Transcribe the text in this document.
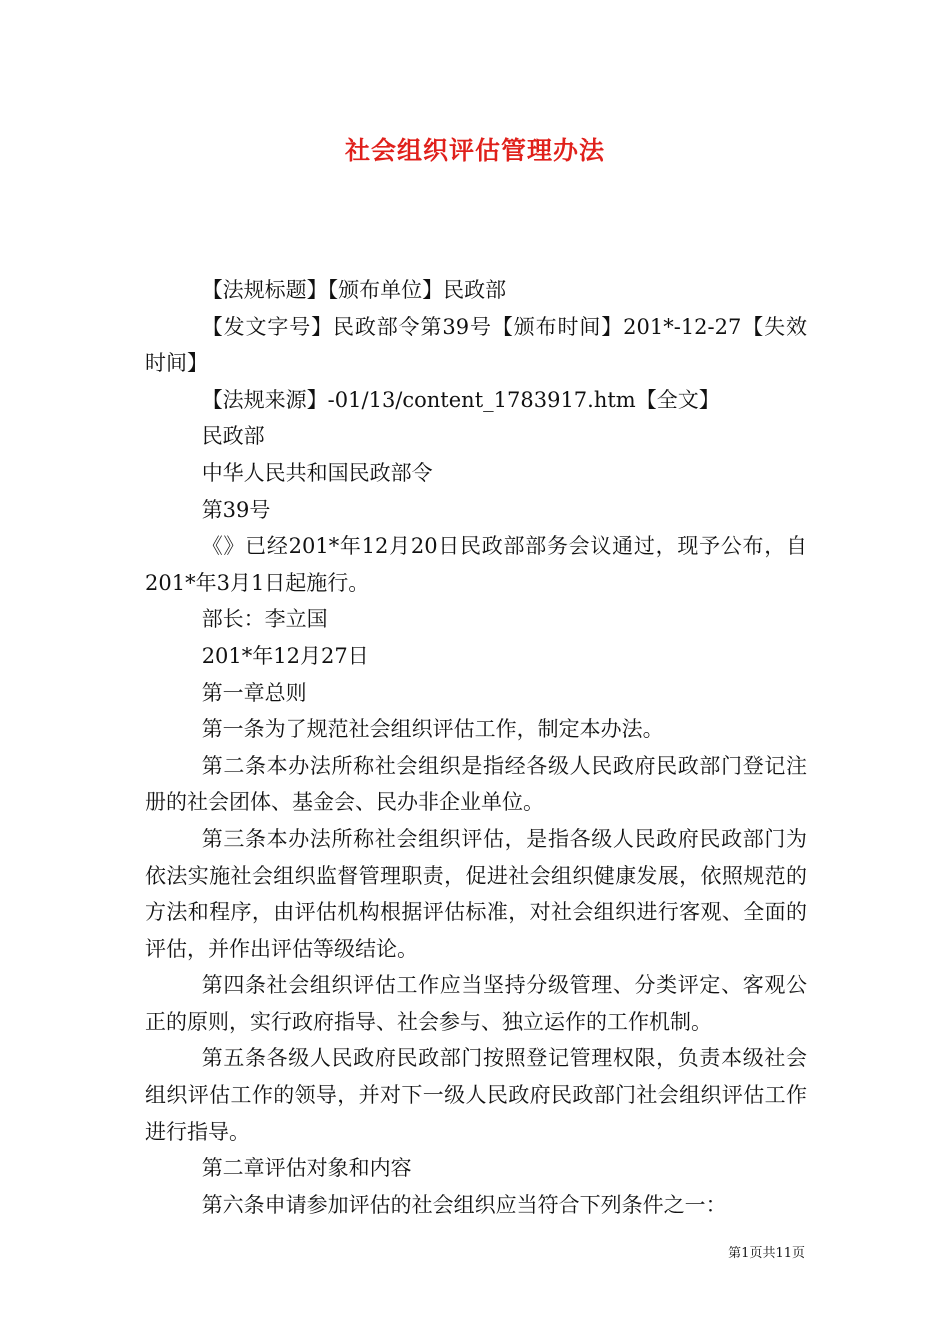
社会组织评估管理办法

【法规标题】【颁布单位】民政部

【发文字号】民政部令第39号【颁布时间】201*-12-27【失效时间】

【法规来源】-01/13/content_1783917.htm【全文】

民政部

中华人民共和国民政部令

第39号

《》已经201*年12月20日民政部部务会议通过，现予公布，自201*年3月1日起施行。

部长：李立国

201*年12月27日

第一章总则

第一条为了规范社会组织评估工作，制定本办法。

第二条本办法所称社会组织是指经各级人民政府民政部门登记注册的社会团体、基金会、民办非企业单位。

第三条本办法所称社会组织评估，是指各级人民政府民政部门为依法实施社会组织监督管理职责，促进社会组织健康发展，依照规范的方法和程序，由评估机构根据评估标准，对社会组织进行客观、全面的评估，并作出评估等级结论。

第四条社会组织评估工作应当坚持分级管理、分类评定、客观公正的原则，实行政府指导、社会参与、独立运作的工作机制。

第五条各级人民政府民政部门按照登记管理权限，负责本级社会组织评估工作的领导，并对下一级人民政府民政部门社会组织评估工作进行指导。

第二章评估对象和内容

第六条申请参加评估的社会组织应当符合下列条件之一：

第1页共11页
